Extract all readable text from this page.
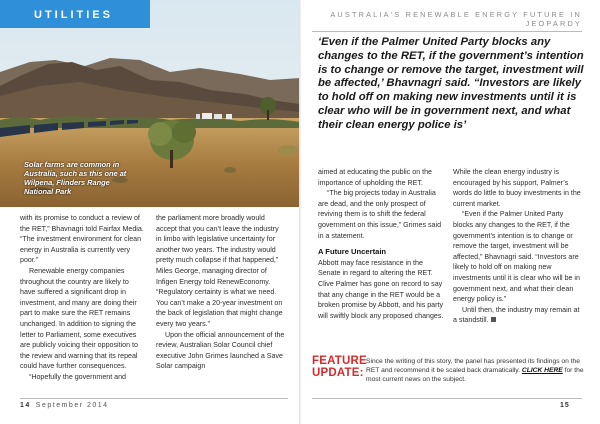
UTILITIES
Solar farms are common in Australia, such as this one at Wilpena, Flinders Range National Park

with its promise to conduct a review of the RET,” Bhavnagri told Fairfax Media. “The investment environment for clean energy in Australia is currently very poor.”

Renewable energy companies throughout the country are likely to have suffered a significant drop in investment, and many are doing their part to make sure the RET remains unchanged. In addition to signing the letter to Parliament, some executives are publicly voicing their opposition to the review and warning that its repeal could have further consequences.

“Hopefully the government and

the parliament more broadly would accept that you can’t leave the industry in limbo with legislative uncertainty for another two years. The industry would pretty much collapse if that happened,” Miles George, managing director of Infigen Energy told RenewEconomy. “Regulatory certainty is what we need. You can’t make a 20-year investment on the back of legislation that might change every two years.”

Upon the official announcement of the review, Australian Solar Council chief executive John Grimes launched a Save Solar campaign

14 September 2014
AUSTRALIA'S RENEWABLE ENERGY FUTURE IN JEOPARDY
‘Even if the Palmer United Party blocks any changes to the RET, if the government’s intention is to change or remove the target, investment will be affected,’ Bhavnagri said. “Investors are likely to hold off on making new investments until it is clear who will be in government next, and what their clean energy police is’

aimed at educating the public on the importance of upholding the RET.

“The big projects today in Australia are dead, and the only prospect of reviving them is to shift the federal government on this issue,” Grimes said in a statement.

A Future Uncertain

Abbott may face resistance in the Senate in regard to altering the RET. Clive Palmer has gone on record to say that any change in the RET would be a broken promise by Abbott, and his party will swiftly block any proposed changes.

While the clean energy industry is encouraged by his support, Palmer’s words do little to buoy investments in the current market.

“Even if the Palmer United Party blocks any changes to the RET, if the government’s intention is to change or remove the target, investment will be affected,” Bhavnagri said. “Investors are likely to hold off on making new investments until it is clear who will be in government next, and what their clean energy policy is.”

Until then, the industry may remain at a standstill.

FEATURE
UPDATE:
Since the writing of this story, the panel has presented its findings on the RET and recommend it be scaled back dramatically. CLICK HERE for the most current news on the subject.
15
